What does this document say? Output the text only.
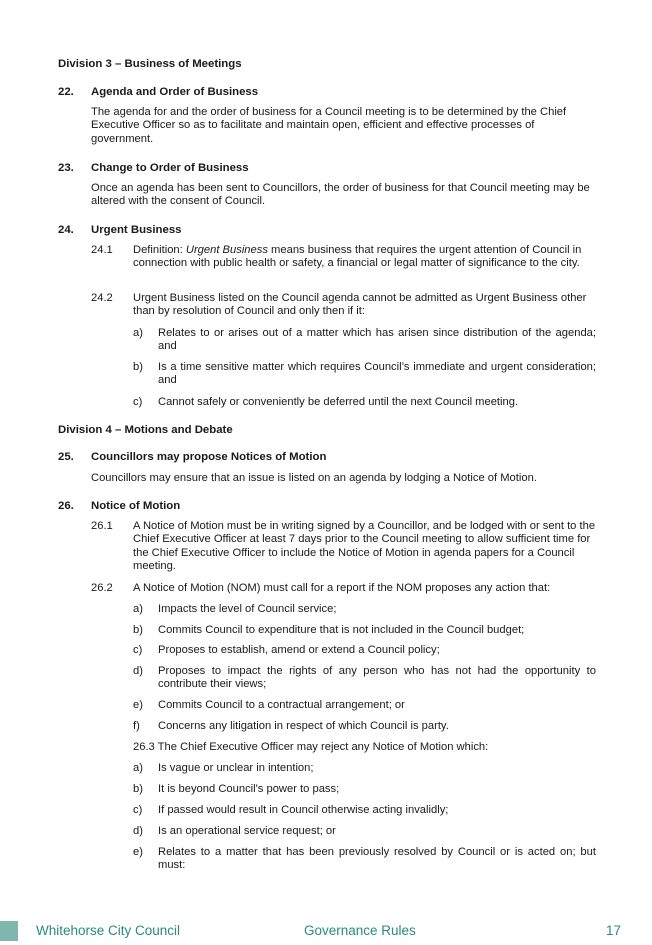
Division 3 – Business of Meetings
22. Agenda and Order of Business
The agenda for and the order of business for a Council meeting is to be determined by the Chief Executive Officer so as to facilitate and maintain open, efficient and effective processes of government.
23. Change to Order of Business
Once an agenda has been sent to Councillors, the order of business for that Council meeting may be altered with the consent of Council.
24. Urgent Business
24.1 Definition: Urgent Business means business that requires the urgent attention of Council in connection with public health or safety, a financial or legal matter of significance to the city.
24.2 Urgent Business listed on the Council agenda cannot be admitted as Urgent Business other than by resolution of Council and only then if it:
a) Relates to or arises out of a matter which has arisen since distribution of the agenda; and
b) Is a time sensitive matter which requires Council’s immediate and urgent consideration; and
c) Cannot safely or conveniently be deferred until the next Council meeting.
Division 4 – Motions and Debate
25. Councillors may propose Notices of Motion
Councillors may ensure that an issue is listed on an agenda by lodging a Notice of Motion.
26. Notice of Motion
26.1 A Notice of Motion must be in writing signed by a Councillor, and be lodged with or sent to the Chief Executive Officer at least 7 days prior to the Council meeting to allow sufficient time for the Chief Executive Officer to include the Notice of Motion in agenda papers for a Council meeting.
26.2 A Notice of Motion (NOM) must call for a report if the NOM proposes any action that:
a) Impacts the level of Council service;
b) Commits Council to expenditure that is not included in the Council budget;
c) Proposes to establish, amend or extend a Council policy;
d) Proposes to impact the rights of any person who has not had the opportunity to contribute their views;
e) Commits Council to a contractual arrangement; or
f) Concerns any litigation in respect of which Council is party.
26.3 The Chief Executive Officer may reject any Notice of Motion which:
a) Is vague or unclear in intention;
b) It is beyond Council's power to pass;
c) If passed would result in Council otherwise acting invalidly;
d) Is an operational service request; or
e) Relates to a matter that has been previously resolved by Council or is acted on; but must:
Whitehorse City Council	Governance Rules	17
